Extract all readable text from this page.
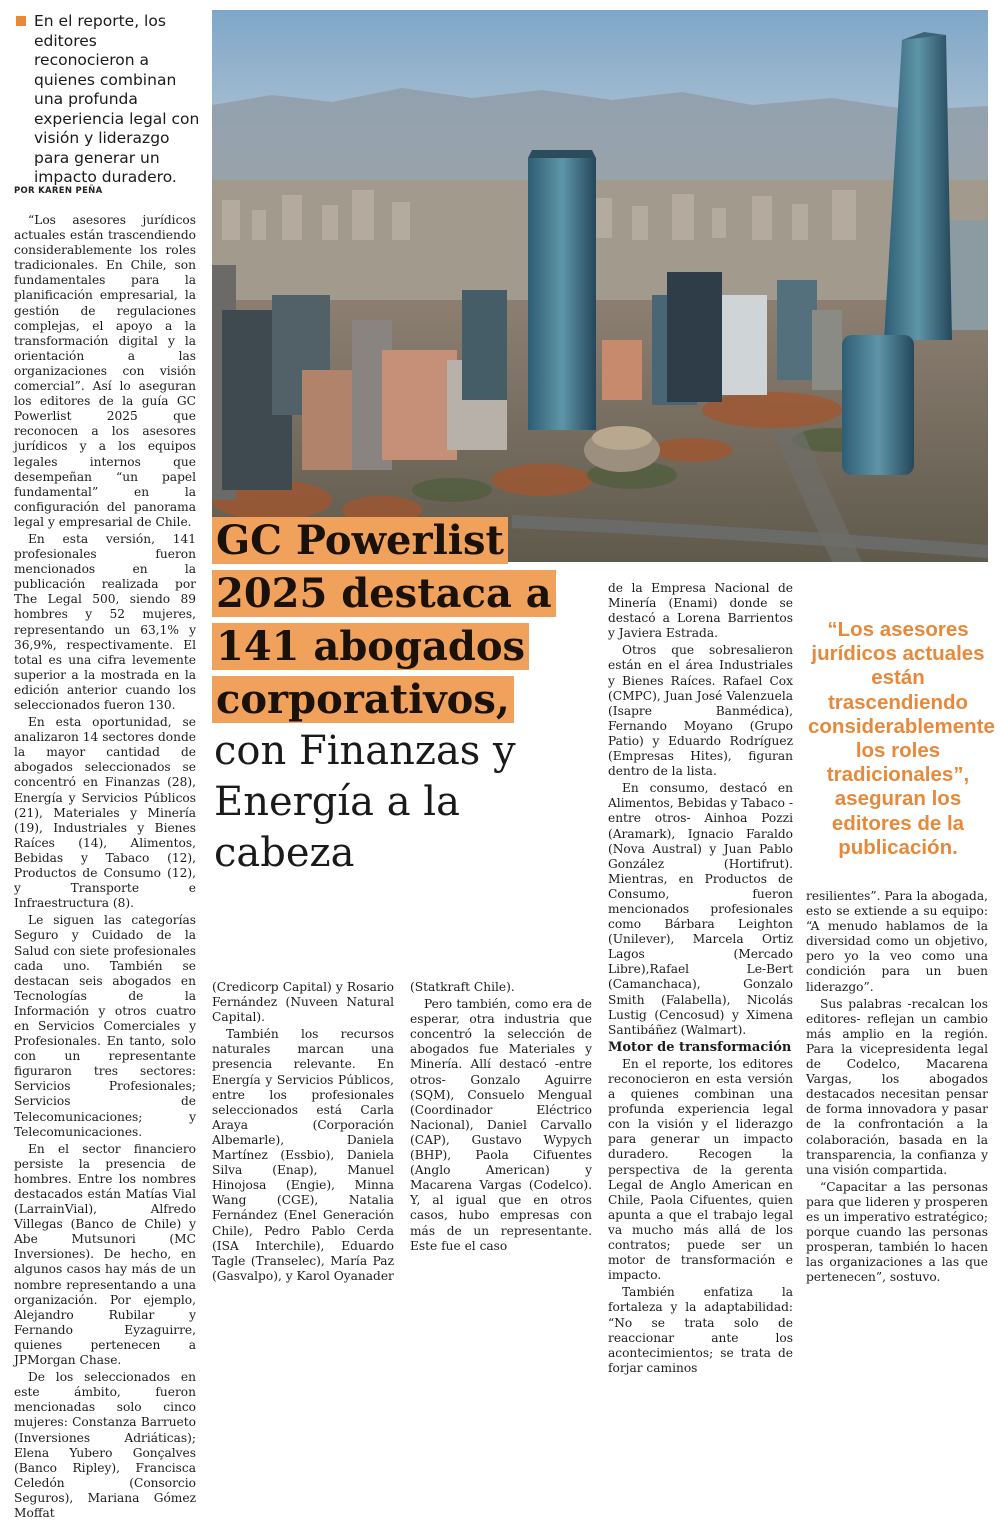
En el reporte, los editores reconocieron a quienes combinan una profunda experiencia legal con visión y liderazgo para generar un impacto duradero.
POR KAREN PEÑA
GC Powerlist
2025 destaca a
141 abogados
corporativos,
con Finanzas y Energía a la cabeza
“Los asesores jurídicos actuales están trascendiendo considerablemente los roles tradicionales”, aseguran los editores de la publicación.

“Los asesores jurídicos actuales están trascendiendo considerablemente los roles tradicionales. En Chile, son fundamentales para la planificación empresarial, la gestión de regulaciones complejas, el apoyo a la transformación digital y la orientación a las organizaciones con visión comercial”. Así lo aseguran los editores de la guía GC Powerlist 2025 que reconocen a los asesores jurídicos y a los equipos legales internos que desempeñan “un papel fundamental” en la configuración del panorama legal y empresarial de Chile.

En esta versión, 141 profesionales fueron mencionados en la publicación realizada por The Legal 500, siendo 89 hombres y 52 mujeres, representando un 63,1% y 36,9%, respectivamente. El total es una cifra levemente superior a la mostrada en la edición anterior cuando los seleccionados fueron 130.

En esta oportunidad, se analizaron 14 sectores donde la mayor cantidad de abogados seleccionados se concentró en Finanzas (28), Energía y Servicios Públicos (21), Materiales y Minería (19), Industriales y Bienes Raíces (14), Alimentos, Bebidas y Tabaco (12), Productos de Consumo (12), y Transporte e Infraestructura (8).

Le siguen las categorías Seguro y Cuidado de la Salud con siete profesionales cada uno. También se destacan seis abogados en Tecnologías de la Información y otros cuatro en Servicios Comerciales y Profesionales. En tanto, solo con un representante figuraron tres sectores: Servicios Profesionales; Servicios de Telecomunicaciones; y Telecomunicaciones.

En el sector financiero persiste la presencia de hombres. Entre los nombres destacados están Matías Vial (LarrainVial), Alfredo Villegas (Banco de Chile) y Abe Mutsunori (MC Inversiones). De hecho, en algunos casos hay más de un nombre representando a una organización. Por ejemplo, Alejandro Rubilar y Fernando Eyzaguirre, quienes pertenecen a JPMorgan Chase.

De los seleccionados en este ámbito, fueron mencionadas solo cinco mujeres: Constanza Barrueto (Inversiones Adriáticas); Elena Yubero Gonçalves (Banco Ripley), Francisca Celedón (Consorcio Seguros), Mariana Gómez Moffat

(Credicorp Capital) y Rosario Fernández (Nuveen Natural Capital).

También los recursos naturales marcan una presencia relevante. En Energía y Servicios Públicos, entre los profesionales seleccionados está Carla Araya (Corporación Albemarle), Daniela Martínez (Essbio), Daniela Silva (Enap), Manuel Hinojosa (Engie), Minna Wang (CGE), Natalia Fernández (Enel Generación Chile), Pedro Pablo Cerda (ISA Interchile), Eduardo Tagle (Transelec), María Paz (Gasvalpo), y Karol Oyanader

(Statkraft Chile).

Pero también, como era de esperar, otra industria que concentró la selección de abogados fue Materiales y Minería. Allí destacó -entre otros- Gonzalo Aguirre (SQM), Consuelo Mengual (Coordinador Eléctrico Nacional), Daniel Carvallo (CAP), Gustavo Wypych (BHP), Paola Cifuentes (Anglo American) y Macarena Vargas (Codelco). Y, al igual que en otros casos, hubo empresas con más de un representante. Este fue el caso

de la Empresa Nacional de Minería (Enami) donde se destacó a Lorena Barrientos y Javiera Estrada.

Otros que sobresalieron están en el área Industriales y Bienes Raíces. Rafael Cox (CMPC), Juan José Valenzuela (Isapre Banmédica), Fernando Moyano (Grupo Patio) y Eduardo Rodríguez (Empresas Hites), figuran dentro de la lista.

En consumo, destacó en Alimentos, Bebidas y Tabaco -entre otros- Ainhoa Pozzi (Aramark), Ignacio Faraldo (Nova Austral) y Juan Pablo González (Hortifrut). Mientras, en Productos de Consumo, fueron mencionados profesionales como Bárbara Leighton (Unilever), Marcela Ortiz Lagos (Mercado Libre),Rafael Le-Bert (Camanchaca), Gonzalo Smith (Falabella), Nicolás Lustig (Cencosud) y Ximena Santibáñez (Walmart).

Motor de transformación

En el reporte, los editores reconocieron en esta versión a quienes combinan una profunda experiencia legal con la visión y el liderazgo para generar un impacto duradero. Recogen la perspectiva de la gerenta Legal de Anglo American en Chile, Paola Cifuentes, quien apunta a que el trabajo legal va mucho más allá de los contratos; puede ser un motor de transformación e impacto.

También enfatiza la fortaleza y la adaptabilidad: “No se trata solo de reaccionar ante los acontecimientos; se trata de forjar caminos

resilientes”. Para la abogada, esto se extiende a su equipo: “A menudo hablamos de la diversidad como un objetivo, pero yo la veo como una condición para un buen liderazgo”.

Sus palabras -recalcan los editores- reflejan un cambio más amplio en la región. Para la vicepresidenta legal de Codelco, Macarena Vargas, los abogados destacados necesitan pensar de forma innovadora y pasar de la confrontación a la colaboración, basada en la transparencia, la confianza y una visión compartida.

“Capacitar a las personas para que lideren y prosperen es un imperativo estratégico; porque cuando las personas prosperan, también lo hacen las organizaciones a las que pertenecen”, sostuvo.
